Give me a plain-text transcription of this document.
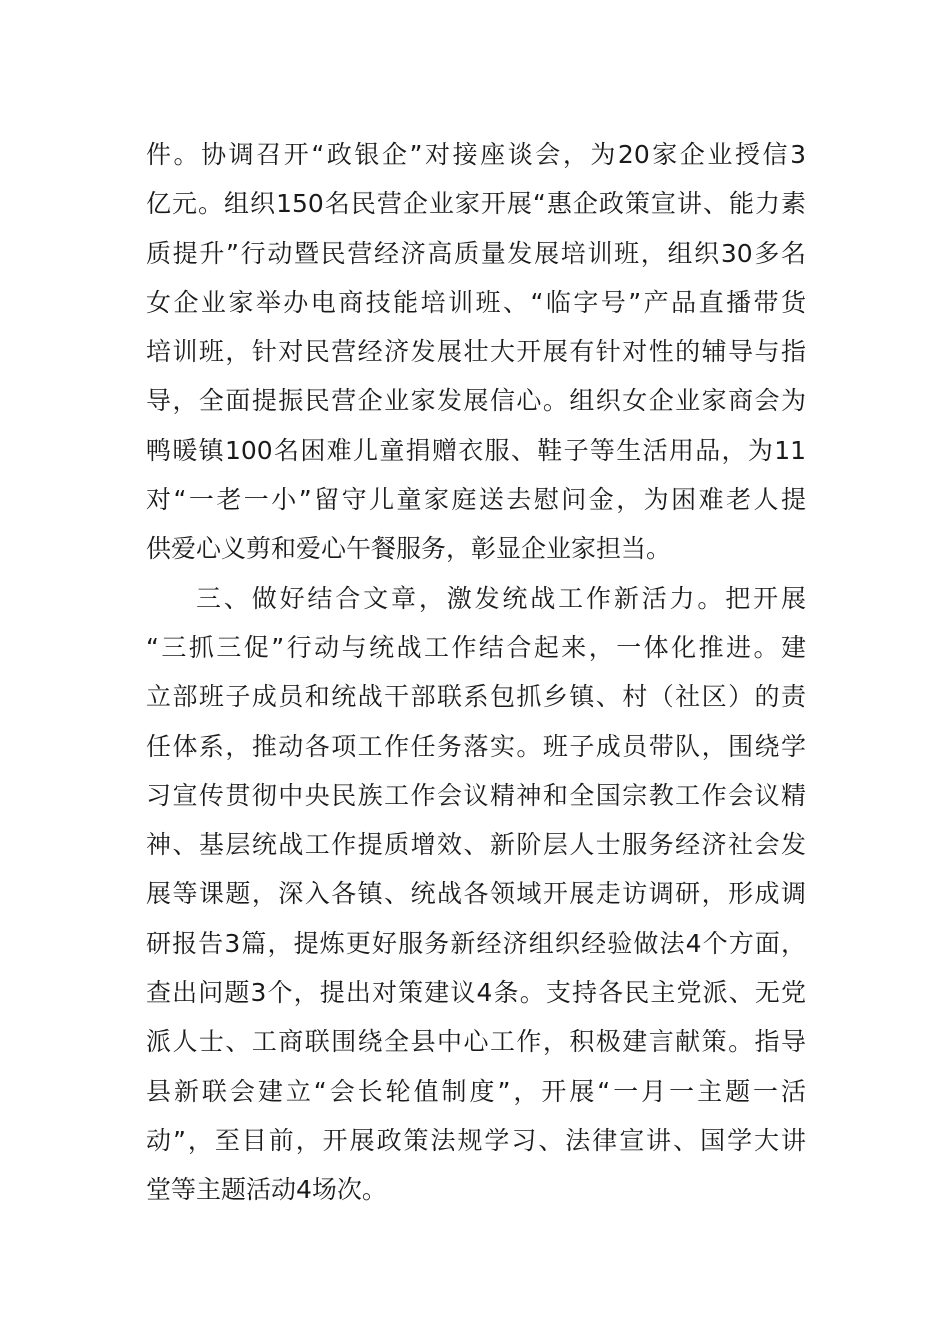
件。协调召开“政银企”对接座谈会，为20家企业授信3
亿元。组织150名民营企业家开展“惠企政策宣讲、能力素
质提升”行动暨民营经济高质量发展培训班，组织30多名
女企业家举办电商技能培训班、“临字号”产品直播带货
培训班，针对民营经济发展壮大开展有针对性的辅导与指
导，全面提振民营企业家发展信心。组织女企业家商会为
鸭暖镇100名困难儿童捐赠衣服、鞋子等生活用品，为11
对“一老一小”留守儿童家庭送去慰问金，为困难老人提
供爱心义剪和爱心午餐服务，彰显企业家担当。
三、做好结合文章，激发统战工作新活力。把开展
“三抓三促”行动与统战工作结合起来，一体化推进。建
立部班子成员和统战干部联系包抓乡镇、村（社区）的责
任体系，推动各项工作任务落实。班子成员带队，围绕学
习宣传贯彻中央民族工作会议精神和全国宗教工作会议精
神、基层统战工作提质增效、新阶层人士服务经济社会发
展等课题，深入各镇、统战各领域开展走访调研，形成调
研报告3篇，提炼更好服务新经济组织经验做法4个方面，
查出问题3个，提出对策建议4条。支持各民主党派、无党
派人士、工商联围绕全县中心工作，积极建言献策。指导
县新联会建立“会长轮值制度”，开展“一月一主题一活
动”，至目前，开展政策法规学习、法律宣讲、国学大讲
堂等主题活动4场次。
